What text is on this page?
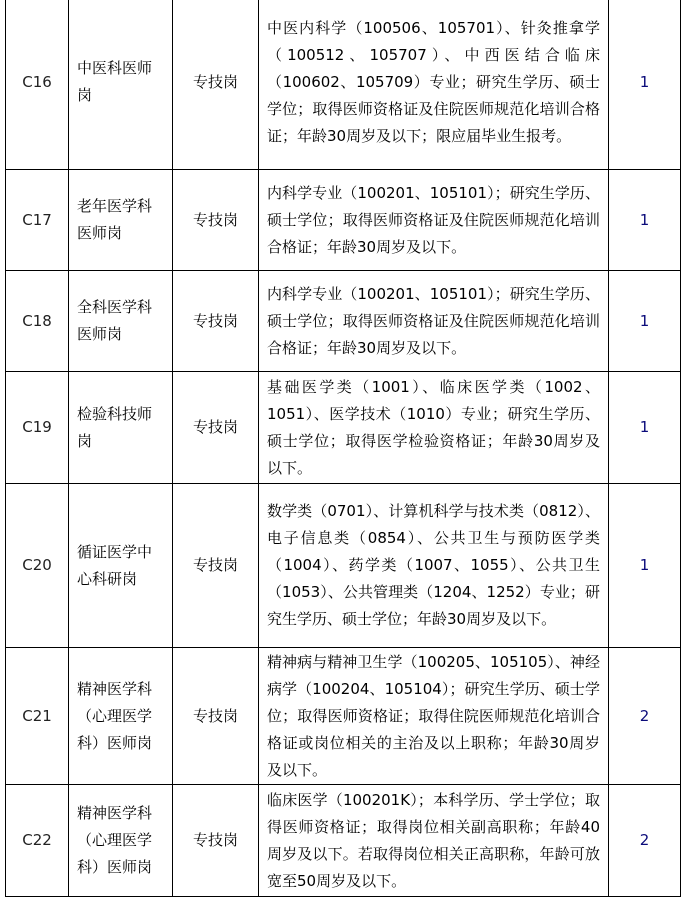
C16	中医科医师岗	专技岗	中医内科学（100506、105701）、针灸推拿学（100512、105707）、中西医结合临床（100602、105709）专业；研究生学历、硕士学位；取得医师资格证及住院医师规范化培训合格证；年龄30周岁及以下；限应届毕业生报考。	1
C17	老年医学科医师岗	专技岗	内科学专业（100201、105101）；研究生学历、硕士学位；取得医师资格证及住院医师规范化培训合格证；年龄30周岁及以下。	1
C18	全科医学科医师岗	专技岗	内科学专业（100201、105101）；研究生学历、硕士学位；取得医师资格证及住院医师规范化培训合格证；年龄30周岁及以下。	1
C19	检验科技师岗	专技岗	基础医学类（1001）、临床医学类（1002、1051）、医学技术（1010）专业；研究生学历、硕士学位；取得医学检验资格证；年龄30周岁及以下。	1
C20	循证医学中心科研岗	专技岗	数学类（0701）、计算机科学与技术类（0812）、电子信息类（0854）、公共卫生与预防医学类（1004）、药学类（1007、1055）、公共卫生（1053）、公共管理类（1204、1252）专业；研究生学历、硕士学位；年龄30周岁及以下。	1
C21	精神医学科（心理医学科）医师岗	专技岗	精神病与精神卫生学（100205、105105）、神经病学（100204、105104）；研究生学历、硕士学位；取得医师资格证；取得住院医师规范化培训合格证或岗位相关的主治及以上职称；年龄30周岁及以下。	2
C22	精神医学科（心理医学科）医师岗	专技岗	临床医学（100201K）；本科学历、学士学位；取得医师资格证；取得岗位相关副高职称；年龄40周岁及以下。若取得岗位相关正高职称，年龄可放宽至50周岁及以下。	2
